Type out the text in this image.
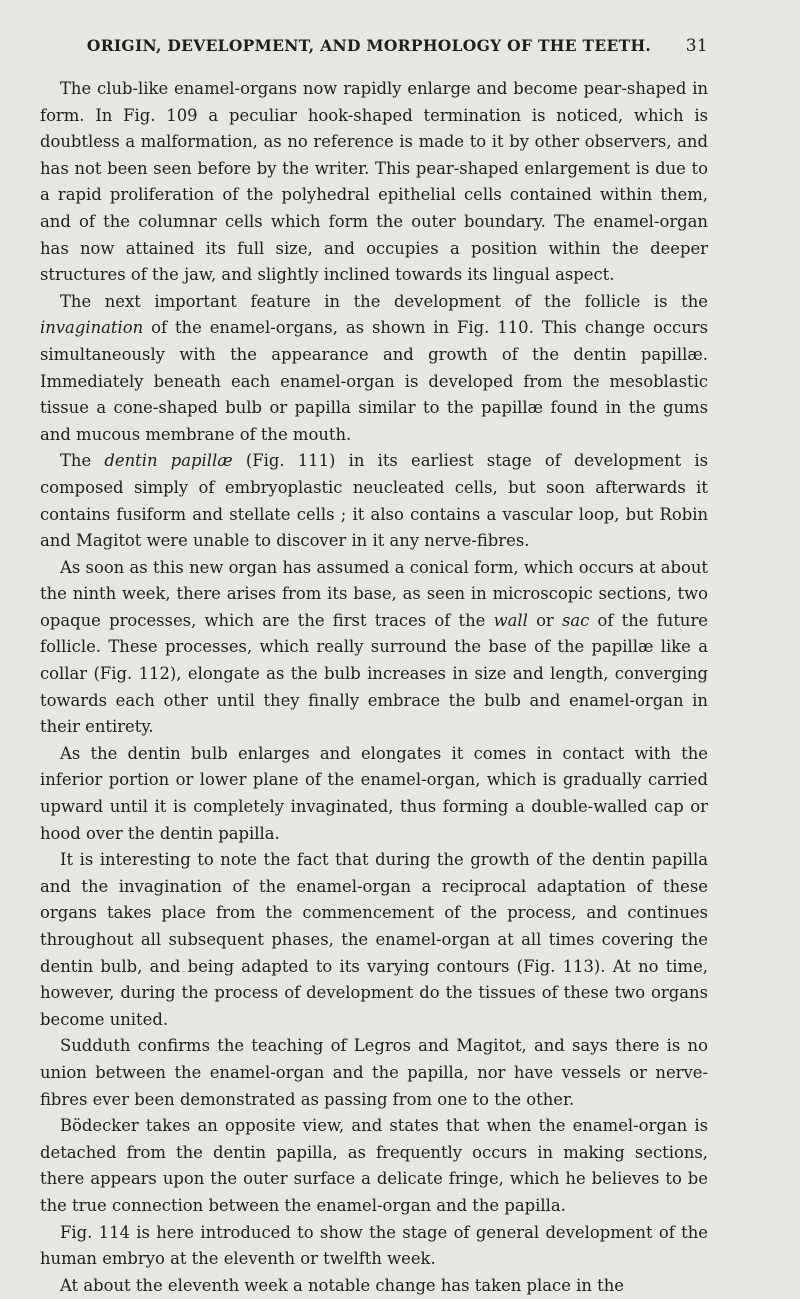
ORIGIN, DEVELOPMENT, AND MORPHOLOGY OF THE TEETH.	31

The club-like enamel-organs now rapidly enlarge and become pear-shaped in form. In Fig. 109 a peculiar hook-shaped termination is noticed, which is doubtless a malformation, as no reference is made to it by other observers, and has not been seen before by the writer. This pear-shaped enlargement is due to a rapid proliferation of the polyhedral epithelial cells contained within them, and of the columnar cells which form the outer boundary. The enamel-organ has now attained its full size, and occupies a position within the deeper structures of the jaw, and slightly inclined towards its lingual aspect.

The next important feature in the development of the follicle is the invagination of the enamel-organs, as shown in Fig. 110. This change occurs simultaneously with the appearance and growth of the dentin papillæ. Immediately beneath each enamel-organ is developed from the mesoblastic tissue a cone-shaped bulb or papilla similar to the papillæ found in the gums and mucous membrane of the mouth.

The dentin papillæ (Fig. 111) in its earliest stage of development is composed simply of embryoplastic neucleated cells, but soon afterwards it contains fusiform and stellate cells ; it also contains a vascular loop, but Robin and Magitot were unable to discover in it any nerve-fibres.

As soon as this new organ has assumed a conical form, which occurs at about the ninth week, there arises from its base, as seen in microscopic sections, two opaque processes, which are the first traces of the wall or sac of the future follicle. These processes, which really surround the base of the papillæ like a collar (Fig. 112), elongate as the bulb increases in size and length, converging towards each other until they finally embrace the bulb and enamel-organ in their entirety.

As the dentin bulb enlarges and elongates it comes in contact with the inferior portion or lower plane of the enamel-organ, which is gradually carried upward until it is completely invaginated, thus forming a double-walled cap or hood over the dentin papilla.

It is interesting to note the fact that during the growth of the dentin papilla and the invagination of the enamel-organ a reciprocal adaptation of these organs takes place from the commencement of the process, and continues throughout all subsequent phases, the enamel-organ at all times covering the dentin bulb, and being adapted to its varying contours (Fig. 113). At no time, however, during the process of development do the tissues of these two organs become united.

Sudduth confirms the teaching of Legros and Magitot, and says there is no union between the enamel-organ and the papilla, nor have vessels or nerve-fibres ever been demonstrated as passing from one to the other.

Bödecker takes an opposite view, and states that when the enamel-organ is detached from the dentin papilla, as frequently occurs in making sections, there appears upon the outer surface a delicate fringe, which he believes to be the true connection between the enamel-organ and the papilla.

Fig. 114 is here introduced to show the stage of general development of the human embryo at the eleventh or twelfth week.

At about the eleventh week a notable change has taken place in the
